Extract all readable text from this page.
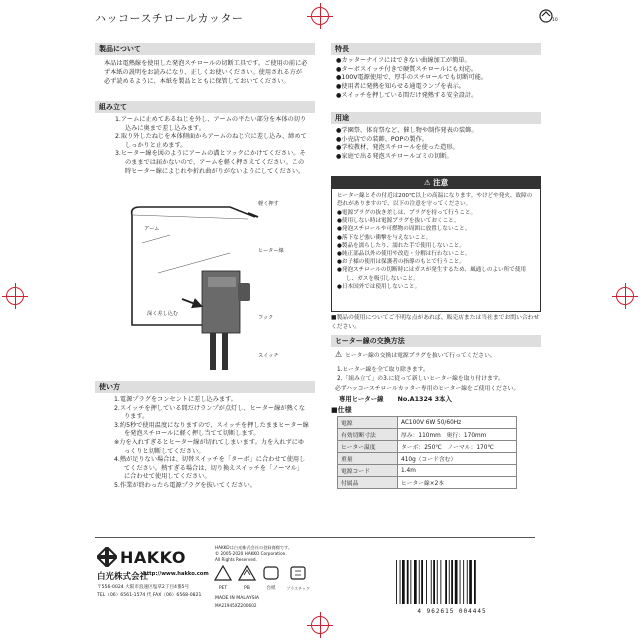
ハッコースチロールカッター	10
製品について
本品は電熱線を使用した発泡スチロールの切断工具です。ご使用の前に必ず本紙の説明をお読みになり、正しくお使いください。使用される方が必ず読めるように、本紙を製品とともに保管しておいてください。
組み立て

1.アームに止めてあるねじを外し、アームの平たい部分を本体の切り込みに奥まで差し込みます。

2.取り外したねじを本体側面からアームのねじ穴に差し込み、締めてしっかりと止めます。

3.ヒーター線を図のようにアームの溝とフックにかけてください。そのままでは届かないので、アームを軽く押さえてください。この時ヒーター線によじれや折れ曲がりがないようにしてください。

軽く押す
アーム
ヒーター線
深く差し込む
フック
スイッチ
使い方

1.電源プラグをコンセントに差し込みます。

2.スイッチを押している間だけランプが点灯し、ヒーター線が熱くなります。

3.約5秒で使用温度になりますので、スイッチを押したままヒーター線を発泡スチロールに軽く押し当てて切断します。

※力を入れすぎるとヒーター線が切れてしまいます。力を入れずにゆっくりと切断してください。

4.熱が足りない場合は、切替スイッチを「ターボ」に合わせて使用してください。熱すぎる場合は、切り換えスイッチを「ノーマル」に合わせて使用してください。

5.作業が終わったら電源プラグを抜いてください。

HAKKO
白光株式会社
http://www.hakko.com
〒556-0024 大阪市浪速区塩草2丁目4番5号
TEL（06）6561-1574 代 FAX（06）6568-0821
HAKKOは白光株式会社の登録商標です。
© 2005-2020 HAKKO Corporation.
All Rights Reserved.
PET	PB	台紙	プラスチック
MADE IN MALAYSIA
MA21945XZ200602
特長

●カッターナイフにはできない曲線加工が簡単。

●ターボスイッチ付きで硬質スチロールにも対応。

●100V電源使用で、厚手のスチロールでも切断可能。

●使用者に発熱を知らせる通電ランプを表示。

●スイッチを押している間だけ発熱する安全設計。

用途

●学園祭、体育祭など、催し物や制作発表の装飾。

●小売店での装飾、POPの製作。

●学校教材、発泡スチロールを使った造形。

●家庭で出る発泡スチロールゴミの切断。

⚠ 注意
ヒーター線とその付近は200℃以上の高温になります。やけどや発火、故障の恐れがありますので、以下の注意を守ってください。

●電源プラグの抜き差しは、プラグを持って行うこと。

●使用しない時は電源プラグを抜いておくこと。

●発泡スチロールや可燃物の周囲に放置しないこと。

●落下など強い衝撃を与えないこと。

●製品を濡らしたり、濡れた手で使用しないこと。

●純正部品以外の使用や改造・分解は行わないこと。

●お子様の使用は保護者の指導のもとで行うこと。

●発泡スチロールの切断時にはガスが発生するため、風通しのよい所で使用し、ガスを吸引しないこと。

●日本国外では使用しないこと。

■製品の使用についてご不明な点があれば、販売店または当社までお問い合わせください。
ヒーター線の交換方法
⚠ ヒーター線の交換は電源プラグを抜いて行ってください。

1.ヒーター線を全て取り除きます。

2.「組み立て」の3.に従って新しいヒーター線を取り付けます。

必ずハッコースチロールカッター専用のヒーター線をご使用ください。
専用ヒーター線 No.A1324 3本入
■仕様
電源	AC100V 6W 50/60Hz
有効切断寸法	厚み：110mm　奥行：170mm
ヒーター温度	ターボ：250℃　ノーマル：170℃
重量	410g（コード含む）
電源コード	1.4m
付属品	ヒーター線×2本
4 962615 004445
